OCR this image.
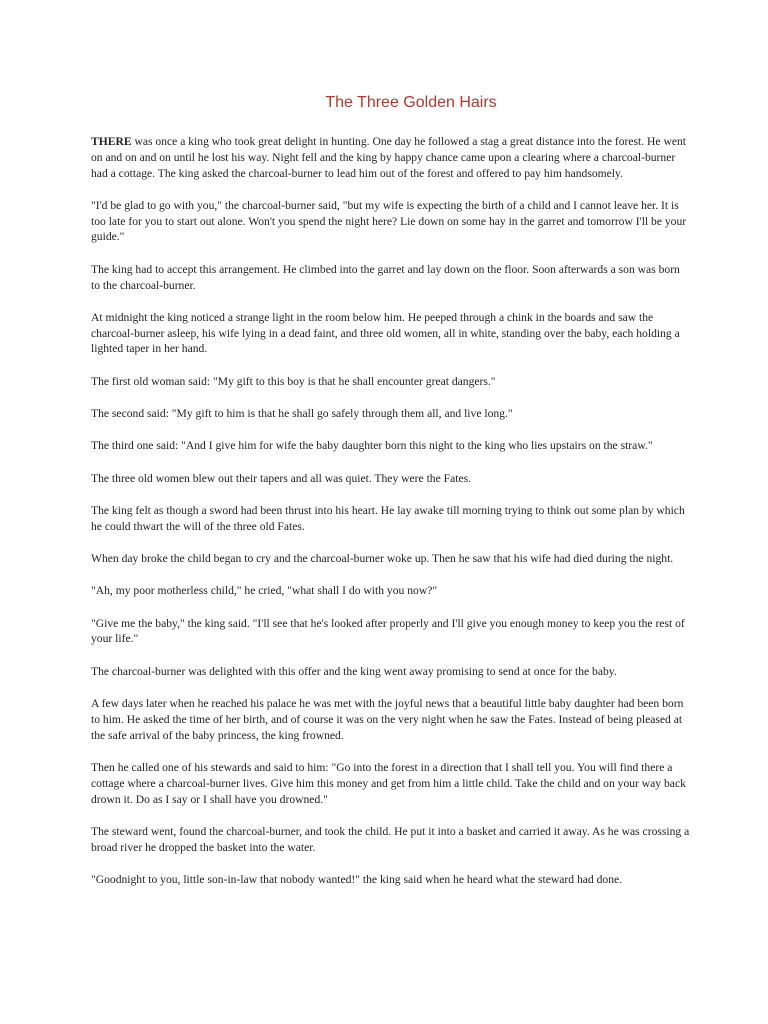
The Three Golden Hairs

THERE was once a king who took great delight in hunting. One day he followed a stag a great distance into the forest. He went on and on and on until he lost his way. Night fell and the king by happy chance came upon a clearing where a charcoal-burner had a cottage. The king asked the charcoal-burner to lead him out of the forest and offered to pay him handsomely.

"I'd be glad to go with you," the charcoal-burner said, "but my wife is expecting the birth of a child and I cannot leave her. It is too late for you to start out alone. Won't you spend the night here? Lie down on some hay in the garret and tomorrow I'll be your guide."

The king had to accept this arrangement. He climbed into the garret and lay down on the floor. Soon afterwards a son was born to the charcoal-burner.

At midnight the king noticed a strange light in the room below him. He peeped through a chink in the boards and saw the charcoal-burner asleep, his wife lying in a dead faint, and three old women, all in white, standing over the baby, each holding a lighted taper in her hand.

The first old woman said: "My gift to this boy is that he shall encounter great dangers."

The second said: "My gift to him is that he shall go safely through them all, and live long."

The third one said: "And I give him for wife the baby daughter born this night to the king who lies upstairs on the straw."

The three old women blew out their tapers and all was quiet. They were the Fates.

The king felt as though a sword had been thrust into his heart. He lay awake till morning trying to think out some plan by which he could thwart the will of the three old Fates.

When day broke the child began to cry and the charcoal-burner woke up. Then he saw that his wife had died during the night.

"Ah, my poor motherless child," he cried, "what shall I do with you now?"

"Give me the baby," the king said. "I'll see that he's looked after properly and I'll give you enough money to keep you the rest of your life."

The charcoal-burner was delighted with this offer and the king went away promising to send at once for the baby.

A few days later when he reached his palace he was met with the joyful news that a beautiful little baby daughter had been born to him. He asked the time of her birth, and of course it was on the very night when he saw the Fates. Instead of being pleased at the safe arrival of the baby princess, the king frowned.

Then he called one of his stewards and said to him: "Go into the forest in a direction that I shall tell you. You will find there a cottage where a charcoal-burner lives. Give him this money and get from him a little child. Take the child and on your way back drown it. Do as I say or I shall have you drowned."

The steward went, found the charcoal-burner, and took the child. He put it into a basket and carried it away. As he was crossing a broad river he dropped the basket into the water.

"Goodnight to you, little son-in-law that nobody wanted!" the king said when he heard what the steward had done.
